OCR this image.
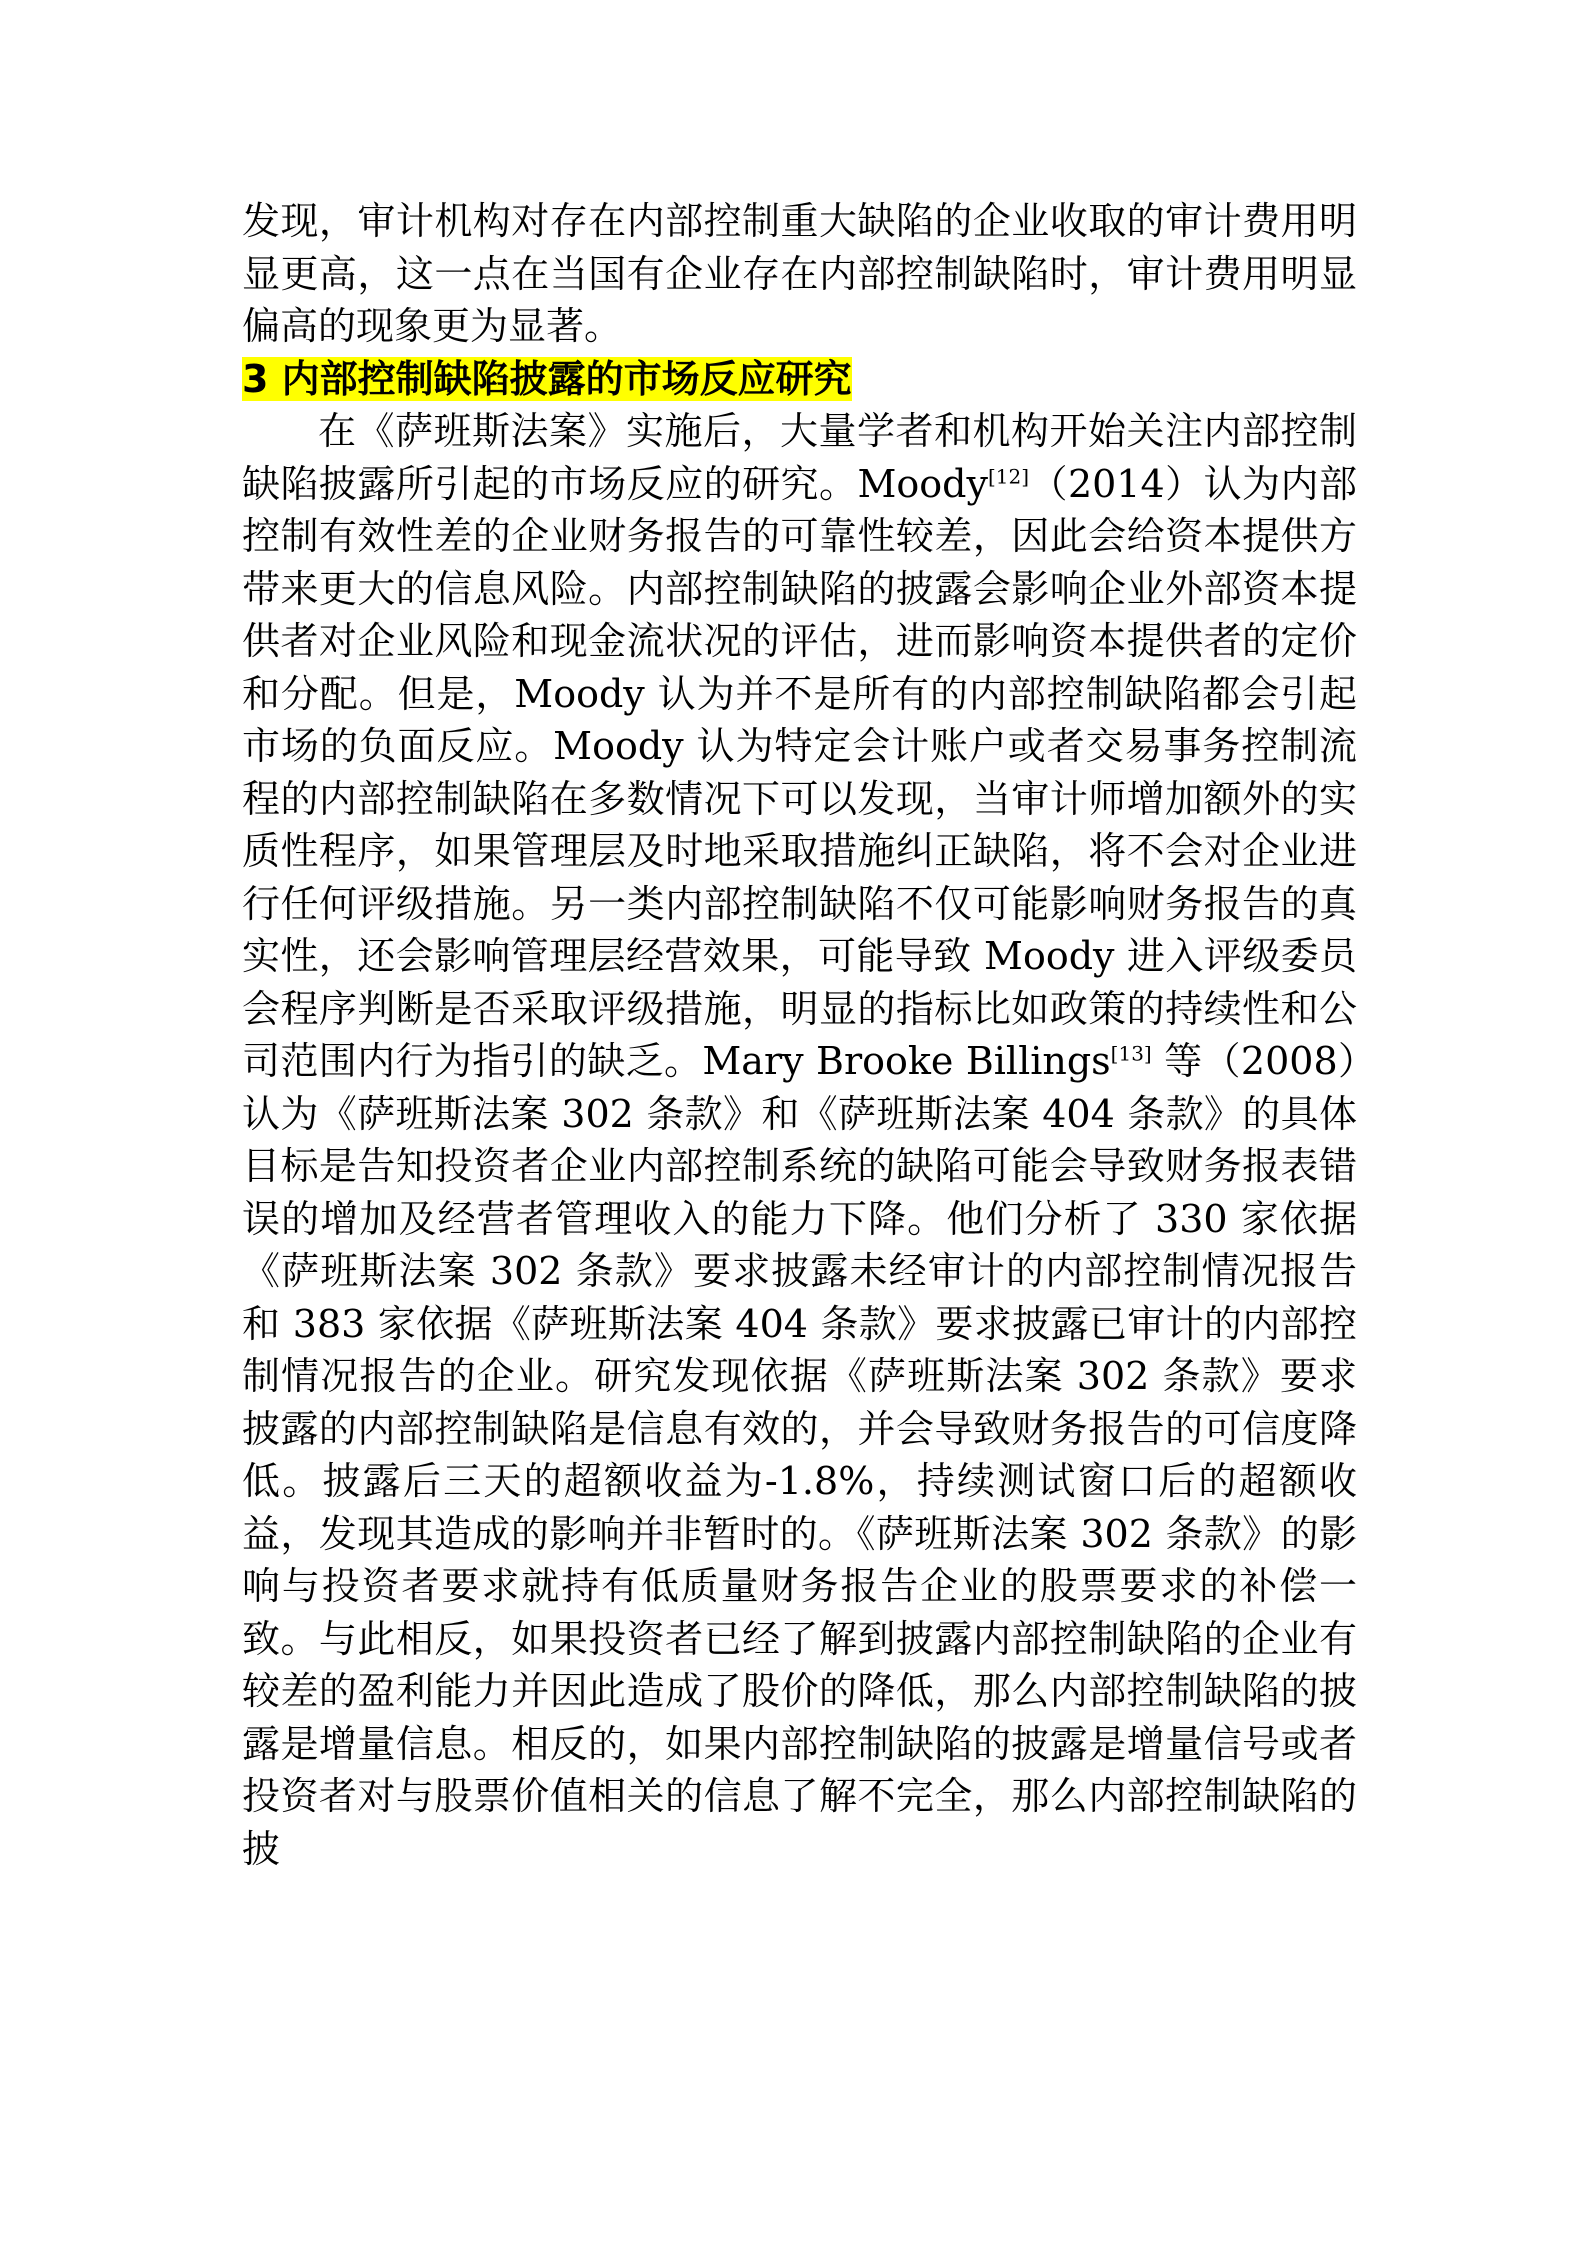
发现，审计机构对存在内部控制重大缺陷的企业收取的审计费用明显更高，这一点在当国有企业存在内部控制缺陷时，审计费用明显偏高的现象更为显著。

3 内部控制缺陷披露的市场反应研究

在《萨班斯法案》实施后，大量学者和机构开始关注内部控制缺陷披露所引起的市场反应的研究。Moody[12]（2014）认为内部控制有效性差的企业财务报告的可靠性较差，因此会给资本提供方带来更大的信息风险。内部控制缺陷的披露会影响企业外部资本提供者对企业风险和现金流状况的评估，进而影响资本提供者的定价和分配。但是，Moody 认为并不是所有的内部控制缺陷都会引起市场的负面反应。Moody 认为特定会计账户或者交易事务控制流程的内部控制缺陷在多数情况下可以发现，当审计师增加额外的实质性程序，如果管理层及时地采取措施纠正缺陷，将不会对企业进行任何评级措施。另一类内部控制缺陷不仅可能影响财务报告的真实性，还会影响管理层经营效果，可能导致 Moody 进入评级委员会程序判断是否采取评级措施，明显的指标比如政策的持续性和公司范围内行为指引的缺乏。Mary Brooke Billings[13] 等（2008）认为《萨班斯法案 302 条款》和《萨班斯法案 404 条款》的具体目标是告知投资者企业内部控制系统的缺陷可能会导致财务报表错误的增加及经营者管理收入的能力下降。他们分析了 330 家依据《萨班斯法案 302 条款》要求披露未经审计的内部控制情况报告和 383 家依据《萨班斯法案 404 条款》要求披露已审计的内部控制情况报告的企业。研究发现依据《萨班斯法案 302 条款》要求披露的内部控制缺陷是信息有效的，并会导致财务报告的可信度降低。披露后三天的超额收益为-1.8%，持续测试窗口后的超额收益，发现其造成的影响并非暂时的。《萨班斯法案 302 条款》的影响与投资者要求就持有低质量财务报告企业的股票要求的补偿一致。与此相反，如果投资者已经了解到披露内部控制缺陷的企业有较差的盈利能力并因此造成了股价的降低，那么内部控制缺陷的披露是增量信息。相反的，如果内部控制缺陷的披露是增量信号或者投资者对与股票价值相关的信息了解不完全，那么内部控制缺陷的披
